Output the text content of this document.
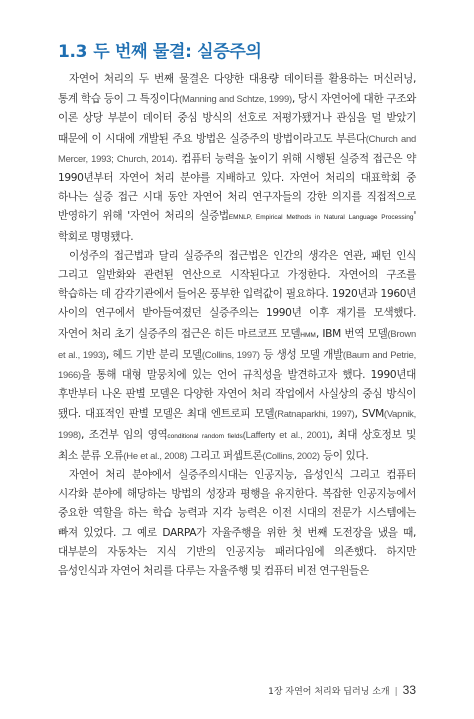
1.3 두 번째 물결: 실증주의

자연어 처리의 두 번째 물결은 다양한 대용량 데이터를 활용하는 머신러닝, 통계 학습 등이 그 특징이다(Manning and Schtze, 1999), 당시 자연어에 대한 구조와 이론 상당 부분이 데이터 중심 방식의 선호로 저평가됐거나 관심을 덜 받았기 때문에 이 시대에 개발된 주요 방법은 실증주의 방법이라고도 부른다(Church and Mercer, 1993; Church, 2014). 컴퓨터 능력을 높이기 위해 시행된 실증적 접근은 약 1990년부터 자연어 처리 분야를 지배하고 있다. 자연어 처리의 대표학회 중 하나는 실증 접근 시대 동안 자연어 처리 연구자들의 강한 의지를 직접적으로 반영하기 위해 '자연어 처리의 실증법EMNLP, Empirical Methods in Natural Language Processing' 학회로 명명됐다.

이성주의 접근법과 달리 실증주의 접근법은 인간의 생각은 연관, 패턴 인식 그리고 일반화와 관련된 연산으로 시작된다고 가정한다. 자연어의 구조를 학습하는 데 감각기관에서 들어온 풍부한 입력값이 필요하다. 1920년과 1960년 사이의 연구에서 받아들여졌던 실증주의는 1990년 이후 재기를 모색했다. 자연어 처리 초기 실증주의 접근은 히든 마르코프 모델HMM, IBM 번역 모델(Brown et al., 1993), 헤드 기반 분리 모델(Collins, 1997) 등 생성 모델 개발(Baum and Petrie, 1966)을 통해 대형 말뭉치에 있는 언어 규칙성을 발견하고자 했다. 1990년대 후반부터 나온 판별 모델은 다양한 자연어 처리 작업에서 사실상의 중심 방식이 됐다. 대표적인 판별 모델은 최대 엔트로피 모델(Ratnaparkhi, 1997), SVM(Vapnik, 1998), 조건부 임의 영역conditional random fields(Lafferty et al., 2001), 최대 상호정보 및 최소 분류 오류(He et al., 2008) 그리고 퍼셉트론(Collins, 2002) 등이 있다.

자연어 처리 분야에서 실증주의시대는 인공지능, 음성인식 그리고 컴퓨터 시각화 분야에 해당하는 방법의 성장과 평행을 유지한다. 복잡한 인공지능에서 중요한 역할을 하는 학습 능력과 지각 능력은 이전 시대의 전문가 시스템에는 빠져 있었다. 그 예로 DARPA가 자율주행을 위한 첫 번째 도전장을 냈을 때, 대부분의 자동차는 지식 기반의 인공지능 패러다임에 의존했다. 하지만 음성인식과 자연어 처리를 다루는 자율주행 및 컴퓨터 비전 연구원들은

1장 자연어 처리와 딥러닝 소개 | 33
